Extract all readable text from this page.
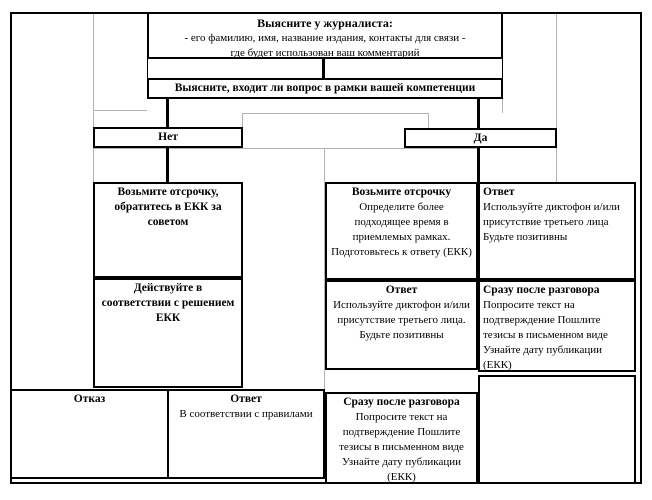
Выясните у журналиста:
- его фамилию, имя, название издания, контакты для связи -
где будет использован ваш комментарий
Выясните, входит ли вопрос в рамки вашей компетенции
Нет	Да
Возьмите отсрочку, обратитесь в ЕКК за советом
Действуйте в соответствии с решением ЕКК
Возьмите отсрочку
Определите более подходящее время в приемлемых рамках. Подготовьтесь к ответу (ЕКК)
Ответ
Используйте диктофон и/или присутствие третьего лица. Будьте позитивны
Ответ
Используйте диктофон и/или присутствие третьего лица Будьте позитивны
Сразу после разговора
Попросите текст на подтверждение Пошлите тезисы в письменном виде Узнайте дату публикации (ЕКК)
Отказ	Ответ
В соответствии с правилами
Сразу после разговора
Попросите текст на подтверждение Пошлите тезисы в письменном виде Узнайте дату публикации (ЕКК)
